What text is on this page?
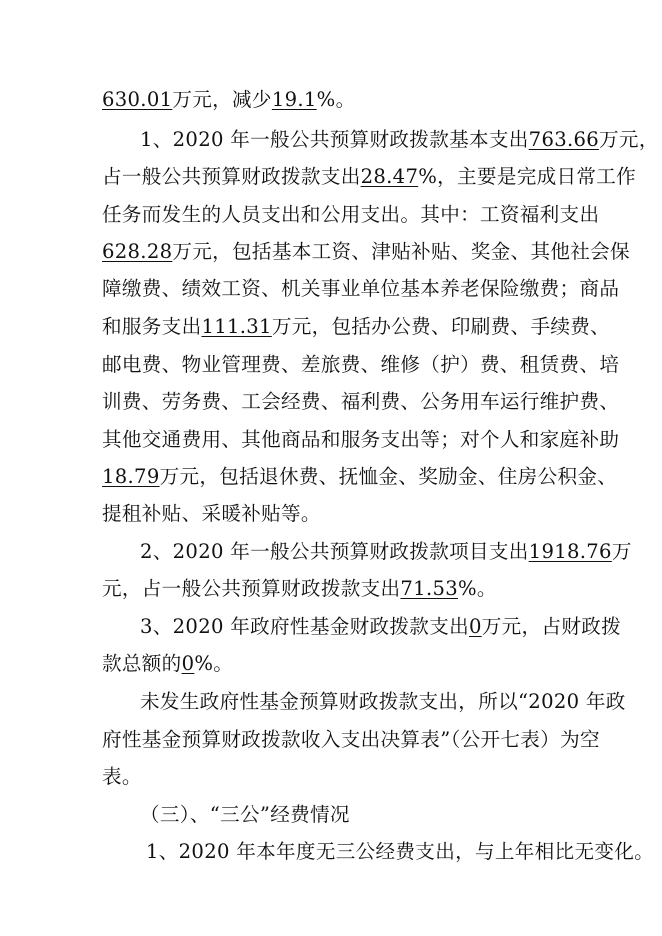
630.01万元，减少19.1%。
1、2020 年一般公共预算财政拨款基本支出763.66万元，
占一般公共预算财政拨款支出28.47%，主要是完成日常工作
任务而发生的人员支出和公用支出。其中：工资福利支出
628.28万元，包括基本工资、津贴补贴、奖金、其他社会保
障缴费、绩效工资、机关事业单位基本养老保险缴费；商品
和服务支出111.31万元，包括办公费、印刷费、手续费、
邮电费、物业管理费、差旅费、维修（护）费、租赁费、培
训费、劳务费、工会经费、福利费、公务用车运行维护费、
其他交通费用、其他商品和服务支出等；对个人和家庭补助
18.79万元，包括退休费、抚恤金、奖励金、住房公积金、
提租补贴、采暖补贴等。
2、2020 年一般公共预算财政拨款项目支出1918.76万
元，占一般公共预算财政拨款支出71.53%。
3、2020 年政府性基金财政拨款支出0万元，占财政拨
款总额的0%。
未发生政府性基金预算财政拨款支出，所以“2020 年政
府性基金预算财政拨款收入支出决算表”（公开七表）为空
表。
（三）、“三公”经费情况
1、2020 年本年度无三公经费支出，与上年相比无变化。
